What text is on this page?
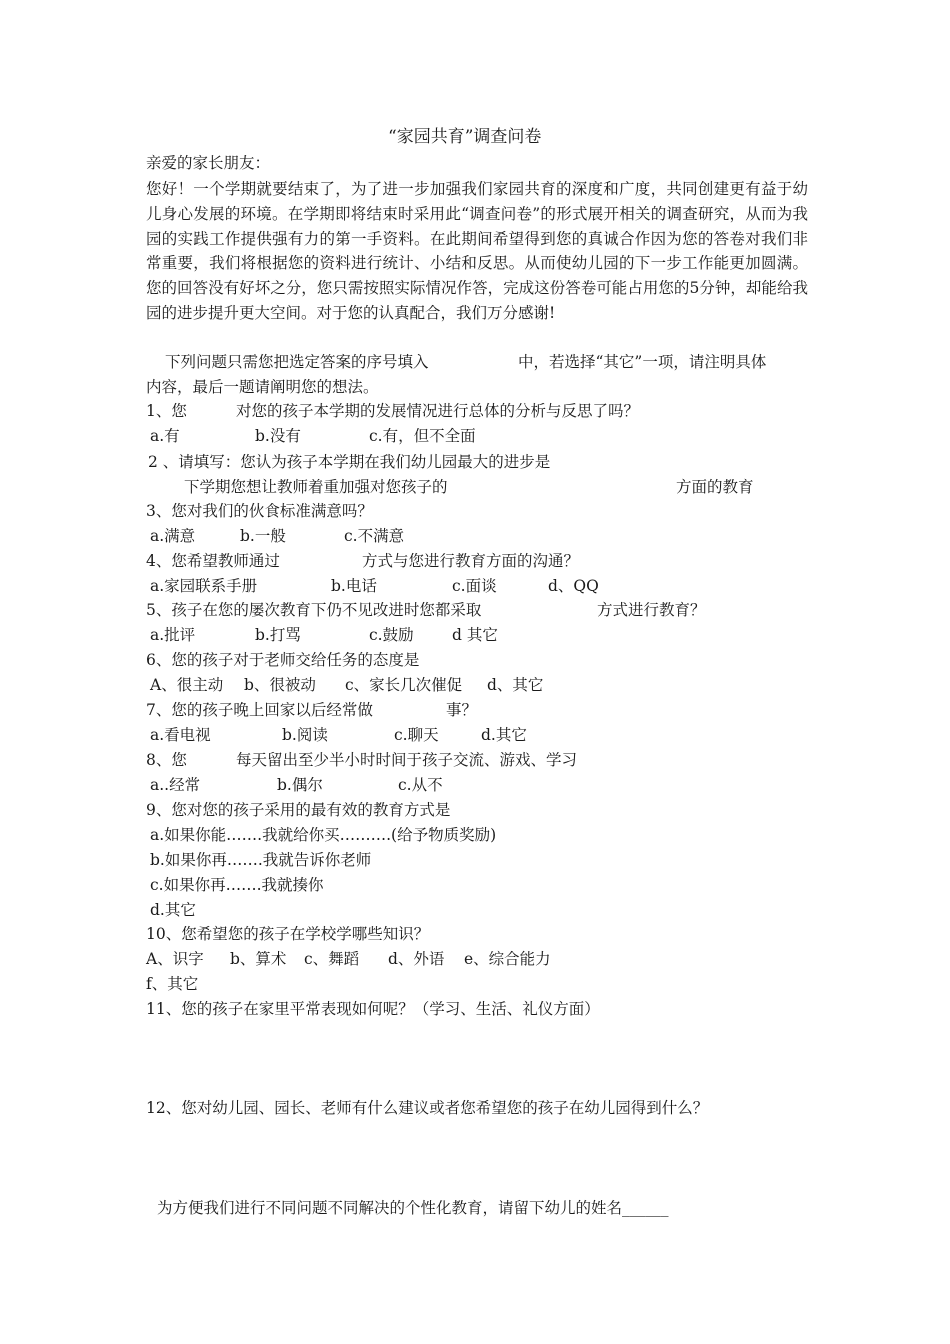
“家园共育”调查问卷
亲爱的家长朋友：
您好！一个学期就要结束了，为了进一步加强我们家园共育的深度和广度，共同创建更有益于幼儿身心发展的环境。在学期即将结束时采用此“调查问卷”的形式展开相关的调查研究，从而为我园的实践工作提供强有力的第一手资料。在此期间希望得到您的真诚合作因为您的答卷对我们非常重要，我们将根据您的资料进行统计、小结和反思。从而使幼儿园的下一步工作能更加圆满。您的回答没有好坏之分，您只需按照实际情况作答，完成这份答卷可能占用您的5分钟，却能给我园的进步提升更大空间。对于您的认真配合，我们万分感谢!
下列问题只需您把选定答案的序号填入	中，若选择“其它”一项，请注明具体
内容，最后一题请阐明您的想法。
1、您	对您的孩子本学期的发展情况进行总体的分析与反思了吗？
a.有	b.没有	c.有，但不全面
2 、请填写：您认为孩子本学期在我们幼儿园最大的进步是
下学期您想让教师着重加强对您孩子的	方面的教育
3、您对我们的伙食标准满意吗？
a.满意	b.一般	c.不满意
4、您希望教师通过	方式与您进行教育方面的沟通？
a.家园联系手册	b.电话	c.面谈	d、QQ
5、孩子在您的屡次教育下仍不见改进时您都采取	方式进行教育？
a.批评	b.打骂	c.鼓励 d 其它
6、您的孩子对于老师交给任务的态度是
A、很主动 b、很被动 c、家长几次催促 d、其它
7、您的孩子晚上回家以后经常做	事？
a.看电视	b.阅读	c.聊天	d.其它
8、您	每天留出至少半小时时间于孩子交流、游戏、学习
a..经常	b.偶尔	c.从不
9、您对您的孩子采用的最有效的教育方式是
a.如果你能…….我就给你买……….(给予物质奖励)
b.如果你再…….我就告诉你老师
c.如果你再…….我就揍你
d.其它
10、您希望您的孩子在学校学哪些知识？
A、识字 b、算术 c、舞蹈 d、外语 e、综合能力
f、其它
11、您的孩子在家里平常表现如何呢？（学习、生活、礼仪方面）
12、您对幼儿园、园长、老师有什么建议或者您希望您的孩子在幼儿园得到什么？
为方便我们进行不同问题不同解决的个性化教育，请留下幼儿的姓名______
